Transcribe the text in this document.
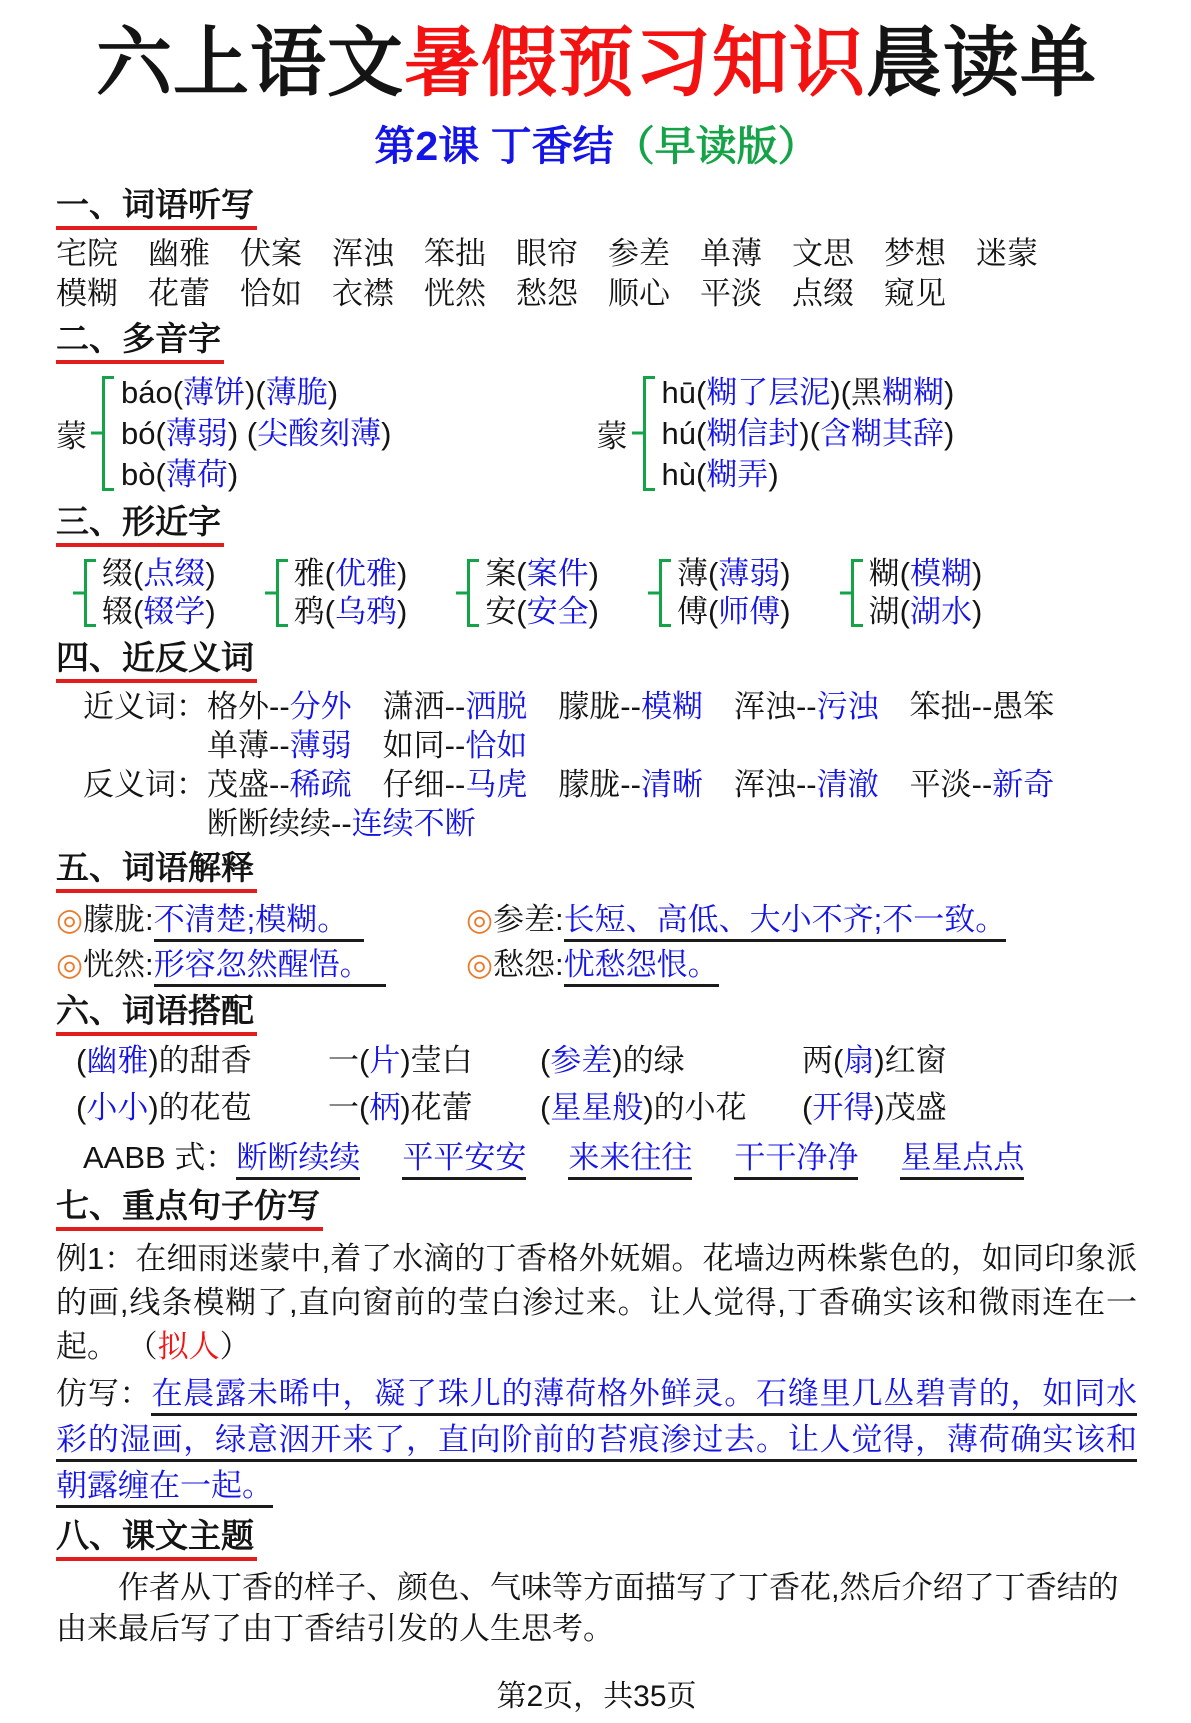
六上语文暑假预习知识晨读单
第2课 丁香结（早读版）
一、词语听写
宅院 幽雅 伏案 浑浊 笨拙 眼帘 参差 单薄 文思 梦想 迷蒙
模糊 花蕾 恰如 衣襟 恍然 愁怨 顺心 平淡 点缀 窥见
二、多音字
蒙
báo(薄饼)(薄脆)
bó(薄弱) (尖酸刻薄)
bò(薄荷)
蒙
hū(糊了层泥)(黑糊糊)
hú(糊信封)(含糊其辞)
hù(糊弄)
三、形近字
缀(点缀)
辍(辍学)
雅(优雅)
鸦(乌鸦)
案(案件)
安(安全)
薄(薄弱)
傅(师傅)
糊(模糊)
湖(湖水)
四、近反义词
近义词：格外--分外　潇洒--洒脱　朦胧--模糊　浑浊--污浊　笨拙--愚笨
单薄--薄弱　如同--恰如
反义词：茂盛--稀疏　仔细--马虎　朦胧--清晰　浑浊--清澈　平淡--新奇
断断续续--连续不断
五、词语解释
◎朦胧:不清楚;模糊。　	◎参差:长短、高低、大小不齐;不一致。
◎恍然:形容忽然醒悟。　	◎愁怨:忧愁怨恨。
六、词语搭配
(幽雅)的甜香	一(片)莹白	(参差)的绿	两(扇)红窗
(小小)的花苞	一(柄)花蕾	(星星般)的小花	(开得)茂盛
AABB 式：断断续续 平平安安 来来往往 干干净净 星星点点
七、重点句子仿写
例1：在细雨迷蒙中,着了水滴的丁香格外妩媚。花墙边两株紫色的，如同印象派的画,线条模糊了,直向窗前的莹白渗过来。让人觉得,丁香确实该和微雨连在一起。 （拟人）
仿写：在晨露未晞中，凝了珠儿的薄荷格外鲜灵。石缝里几丛碧青的，如同水彩的湿画，绿意洇开来了，直向阶前的苔痕渗过去。让人觉得，薄荷确实该和朝露缠在一起。
八、课文主题
作者从丁香的样子、颜色、气味等方面描写了丁香花,然后介绍了丁香结的由来最后写了由丁香结引发的人生思考。
第2页，共35页
